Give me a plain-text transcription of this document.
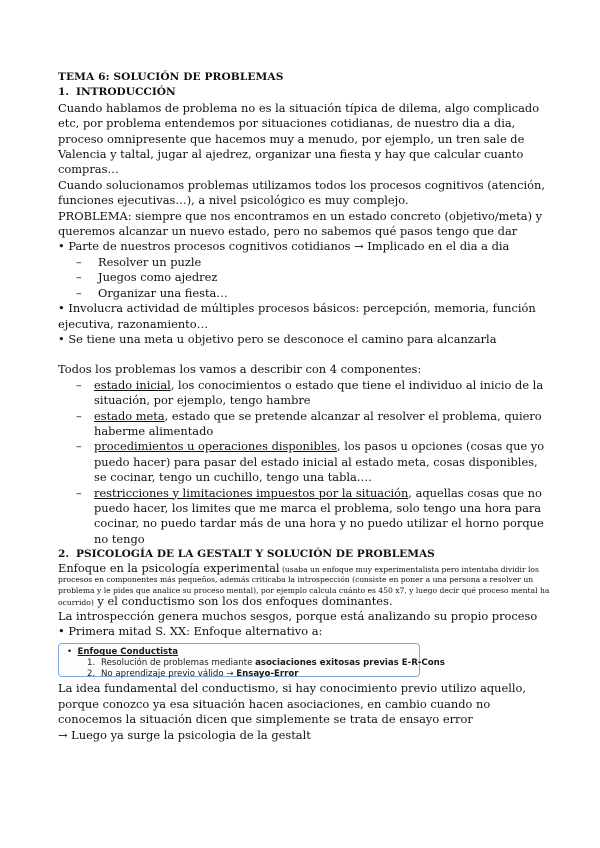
TEMA 6: SOLUCIÓN DE PROBLEMAS

1. INTRODUCCIÓN

Cuando hablamos de problema no es la situación típica de dilema, algo complicado etc, por problema entendemos por situaciones cotidianas, de nuestro dia a dia, proceso omnipresente que hacemos muy a menudo, por ejemplo, un tren sale de Valencia y taltal, jugar al ajedrez, organizar una fiesta y hay que calcular cuanto compras…

Cuando solucionamos problemas utilizamos todos los procesos cognitivos (atención, funciones ejecutivas…), a nivel psicológico es muy complejo.

PROBLEMA: siempre que nos encontramos en un estado concreto (objetivo/meta) y queremos alcanzar un nuevo estado, pero no sabemos qué pasos tengo que dar

• Parte de nuestros procesos cognitivos cotidianos → Implicado en el dia a dia

– Resolver un puzle
– Juegos como ajedrez
– Organizar una fiesta…

• Involucra actividad de múltiples procesos básicos: percepción, memoria, función ejecutiva, razonamiento…

• Se tiene una meta u objetivo pero se desconoce el camino para alcanzarla

Todos los problemas los vamos a describir con 4 componentes:

– estado inicial, los conocimientos o estado que tiene el individuo al inicio de la situación, por ejemplo, tengo hambre
– estado meta, estado que se pretende alcanzar al resolver el problema, quiero haberme alimentado
– procedimientos u operaciones disponibles, los pasos u opciones (cosas que yo puedo hacer) para pasar del estado inicial al estado meta, cosas disponibles, se cocinar, tengo un cuchillo, tengo una tabla….
– restricciones y limitaciones impuestos por la situación, aquellas cosas que no puedo hacer, los limites que me marca el problema, solo tengo una hora para cocinar, no puedo tardar más de una hora y no puedo utilizar el horno porque no tengo

2. PSICOLOGÍA DE LA GESTALT Y SOLUCIÓN DE PROBLEMAS

Enfoque en la psicología experimental (usaba un enfoque muy experimentalista pero intentaba dividir los procesos en componentes más pequeños, además criticaba la introspección (consiste en poner a una persona a resolver un problema y le pides que analice su proceso mental), por ejemplo calcula cuánto es 450 x7, y luego decir qué proceso mental ha ocurrido) y el conductismo son los dos enfoques dominantes.

La introspección genera muchos sesgos, porque está analizando su propio proceso

• Primera mitad S. XX: Enfoque alternativo a:

• Enfoque Conductista
1. Resolución de problemas mediante asociaciones exitosas previas E-R-Cons
2. No aprendizaje previo válido → Ensayo-Error

La idea fundamental del conductismo, si hay conocimiento previo utilizo aquello, porque conozco ya esa situación hacen asociaciones, en cambio cuando no conocemos la situación dicen que simplemente se trata de ensayo error

→ Luego ya surge la psicologia de la gestalt
